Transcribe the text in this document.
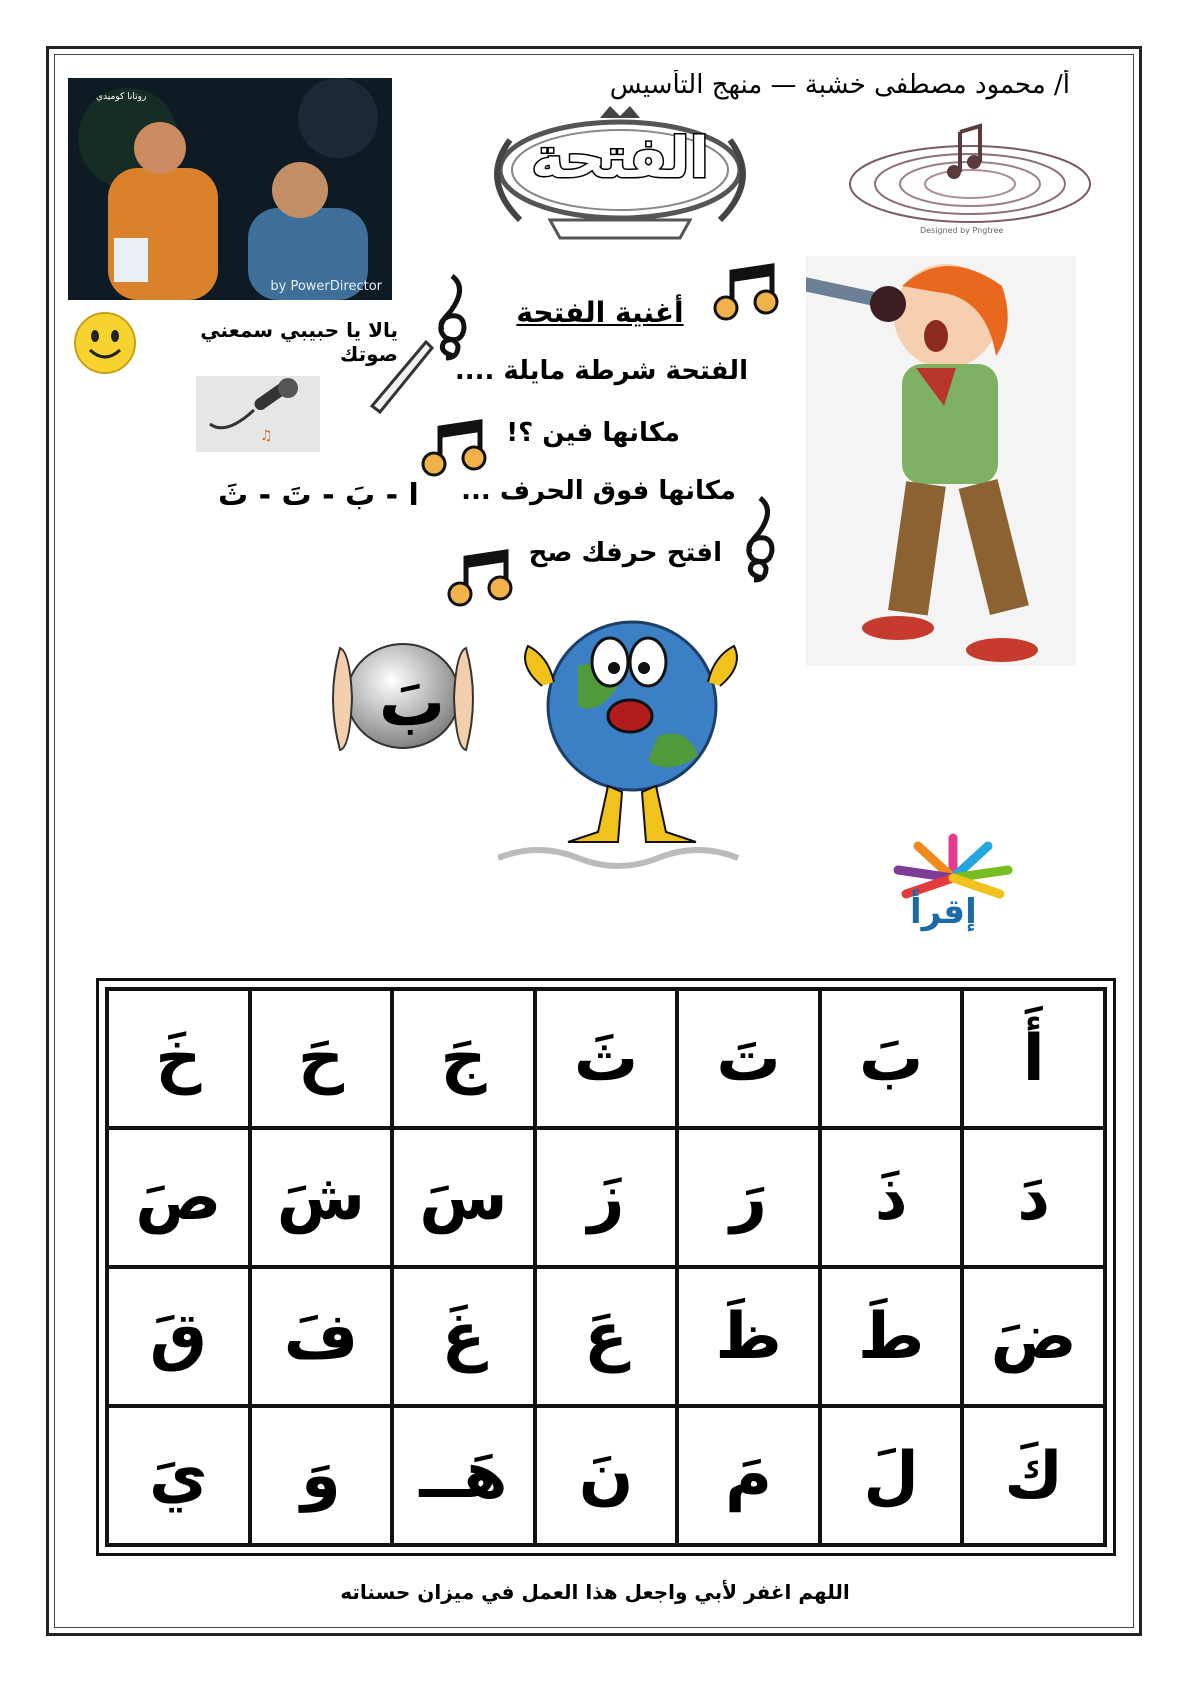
أ/ محمود مصطفى خشبة — منهج التأسيس
روتانا كوميدي
by PowerDirector
الفتحة
Designed by Pngtree
أغنية الفتحة
الفتحة شرطة مايلة ....
مكانها فين ؟!
مكانها فوق الحرف ...
ا - بَ - تَ - ثَ
افتح حرفك صح
يالا يا حبيبي سمعني صوتك
♫
بَ
إقرأ
أَ
بَ
تَ
ثَ
جَ
حَ
خَ
دَ
ذَ
رَ
زَ
سَ
شَ
صَ
ضَ
طَ
ظَ
عَ
غَ
فَ
قَ
كَ
لَ
مَ
نَ
هَــ
وَ
يَ
اللهم اغفر لأبي واجعل هذا العمل في ميزان حسناته
